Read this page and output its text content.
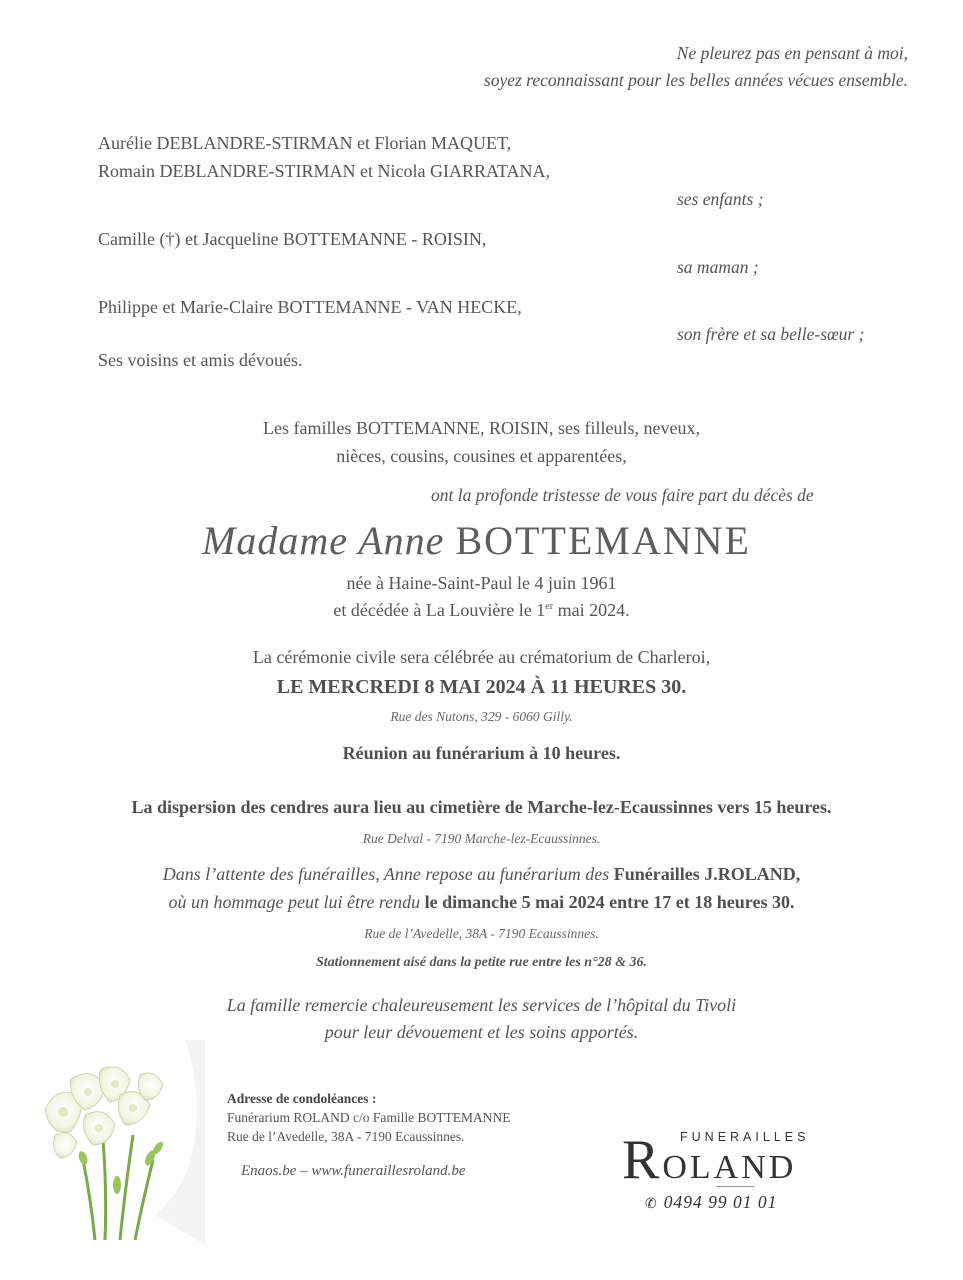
Ne pleurez pas en pensant à moi,
soyez reconnaissant pour les belles années vécues ensemble.
Aurélie DEBLANDRE-STIRMAN et Florian MAQUET,
Romain DEBLANDRE-STIRMAN et Nicola GIARRATANA,
ses enfants ;
Camille (†) et Jacqueline BOTTEMANNE - ROISIN,
sa maman ;
Philippe et Marie-Claire BOTTEMANNE - VAN HECKE,
son frère et sa belle-sœur ;
Ses voisins et amis dévoués.
Les familles BOTTEMANNE, ROISIN, ses filleuls, neveux,
nièces, cousins, cousines et apparentées,
ont la profonde tristesse de vous faire part du décès de
Madame Anne BOTTEMANNE
née à Haine-Saint-Paul le 4 juin 1961
et décédée à La Louvière le 1er mai 2024.
La cérémonie civile sera célébrée au crématorium de Charleroi,
LE MERCREDI 8 MAI 2024 À 11 HEURES 30.
Rue des Nutons, 329 - 6060 Gilly.
Réunion au funérarium à 10 heures.
La dispersion des cendres aura lieu au cimetière de Marche-lez-Ecaussinnes vers 15 heures.
Rue Delval - 7190 Marche-lez-Ecaussinnes.
Dans l’attente des funérailles, Anne repose au funérarium des Funérailles J.ROLAND,
où un hommage peut lui être rendu le dimanche 5 mai 2024 entre 17 et 18 heures 30.
Rue de l’Avedelle, 38A - 7190 Ecaussinnes.
Stationnement aisé dans la petite rue entre les n°28 & 36.
La famille remercie chaleureusement les services de l’hôpital du Tivoli
pour leur dévouement et les soins apportés.
Adresse de condoléances :
Funérarium ROLAND c/o Famille BOTTEMANNE
Rue de l’Avedelle, 38A - 7190 Ecaussinnes.
Enaos.be – www.funeraillesroland.be
FUNERAILLES
ROLAND
✆ 0494 99 01 01
